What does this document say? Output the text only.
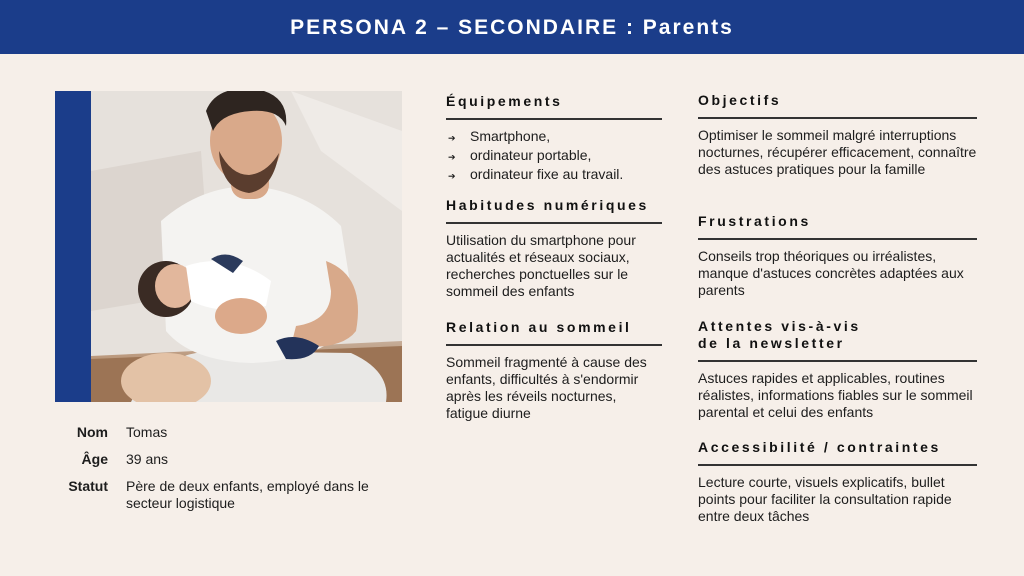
PERSONA 2 – SECONDAIRE : Parents
Nom Tomas
Âge 39 ans
Statut Père de deux enfants, employé dans le secteur logistique
Équipements
➔	Smartphone,
➔	ordinateur portable,
➔	ordinateur fixe au travail.
Habitudes numériques
Utilisation du smartphone pour actualités et réseaux sociaux, recherches ponctuelles sur le sommeil des enfants
Relation au sommeil
Sommeil fragmenté à cause des enfants, difficultés à s'endormir après les réveils nocturnes, fatigue diurne
Objectifs
Optimiser le sommeil malgré interruptions nocturnes, récupérer efficacement, connaître des astuces pratiques pour la famille
Frustrations
Conseils trop théoriques ou irréalistes, manque d'astuces concrètes adaptées aux parents
Attentes vis-à-vis
de la newsletter
Astuces rapides et applicables, routines réalistes, informations fiables sur le sommeil parental et celui des enfants
Accessibilité / contraintes
Lecture courte, visuels explicatifs, bullet points pour faciliter la consultation rapide entre deux tâches
